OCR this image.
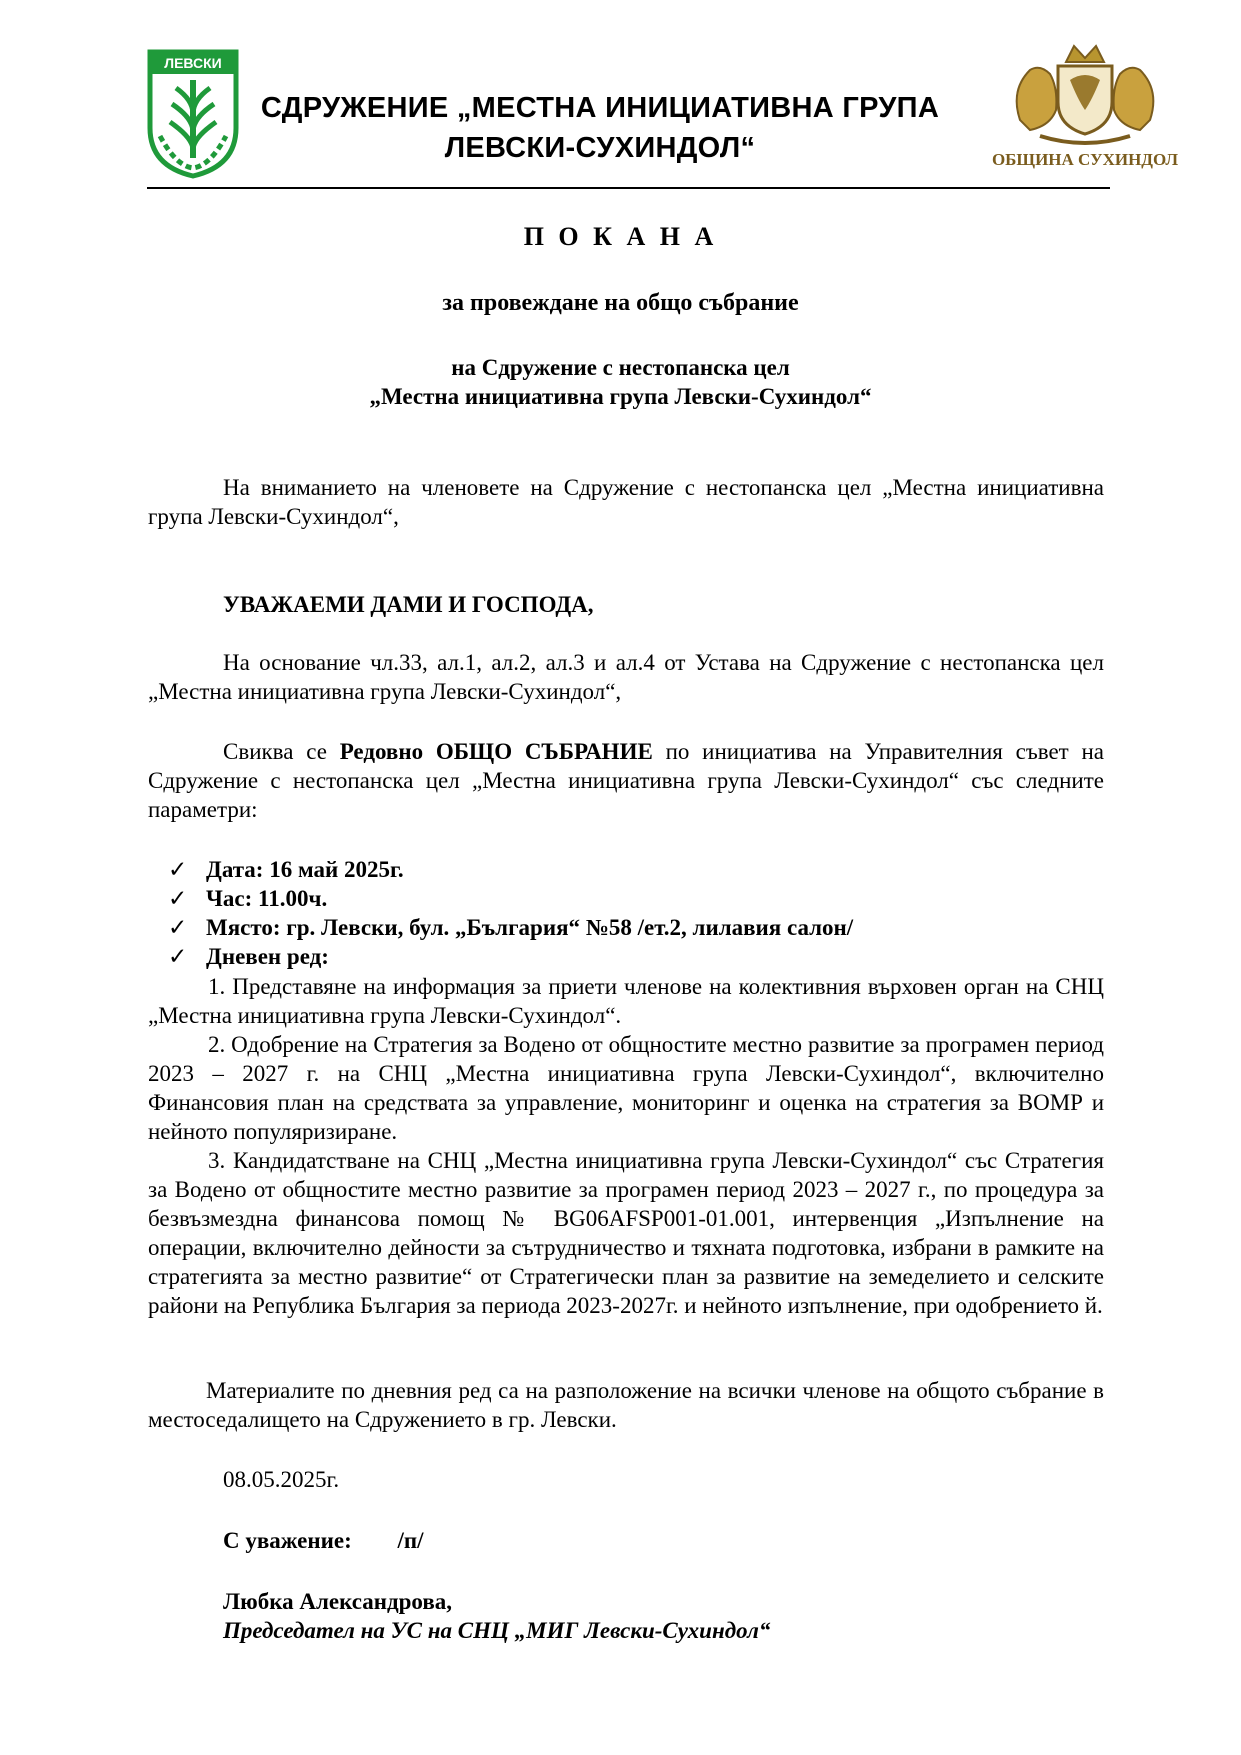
ЛЕВСКИ
СДРУЖЕНИЕ „МЕСТНА ИНИЦИАТИВНА ГРУПА
ЛЕВСКИ-СУХИНДОЛ“	ОБЩИНА СУХИНДОЛ
П О К А Н А
за провеждане на общо събрание
на Сдружение с нестопанска цел
„Местна инициативна група Левски-Сухиндол“
На вниманието на членовете на Сдружение с нестопанска цел „Местна инициативна група Левски-Сухиндол“,
УВАЖАЕМИ ДАМИ И ГОСПОДА,
На основание чл.33, ал.1, ал.2, ал.3 и ал.4 от Устава на Сдружение с нестопанска цел „Местна инициативна група Левски-Сухиндол“,
Свиква се Редовно ОБЩО СЪБРАНИЕ по инициатива на Управителния съвет на Сдружение с нестопанска цел „Местна инициативна група Левски-Сухиндол“ със следните параметри:
✓ Дата: 16 май 2025г.
✓ Час: 11.00ч.
✓ Място: гр. Левски, бул. „България“ №58 /ет.2, лилавия салон/
✓ Дневен ред:

1. Представяне на информация за приети членове на колективния върховен орган на СНЦ „Местна инициативна група Левски-Сухиндол“.

2. Одобрение на Стратегия за Водено от общностите местно развитие за програмен период 2023 – 2027 г. на СНЦ „Местна инициативна група Левски-Сухиндол“, включително Финансовия план на средствата за управление, мониторинг и оценка на стратегия за ВОМР и нейното популяризиране.

3. Кандидатстване на СНЦ „Местна инициативна група Левски-Сухиндол“ със Стратегия за Водено от общностите местно развитие за програмен период 2023 – 2027 г., по процедура за безвъзмездна финансова помощ № BG06AFSP001-01.001, интервенция „Изпълнение на операции, включително дейности за сътрудничество и тяхната подготовка, избрани в рамките на стратегията за местно развитие“ от Стратегически план за развитие на земеделието и селските райони на Република България за периода 2023-2027г. и нейното изпълнение, при одобрението й.

Материалите по дневния ред са на разположение на всички членове на общото събрание в местоседалището на Сдружението в гр. Левски.
08.05.2025г.
С уважение: /п/
Любка Александрова,
Председател на УС на СНЦ „МИГ Левски-Сухиндол“
